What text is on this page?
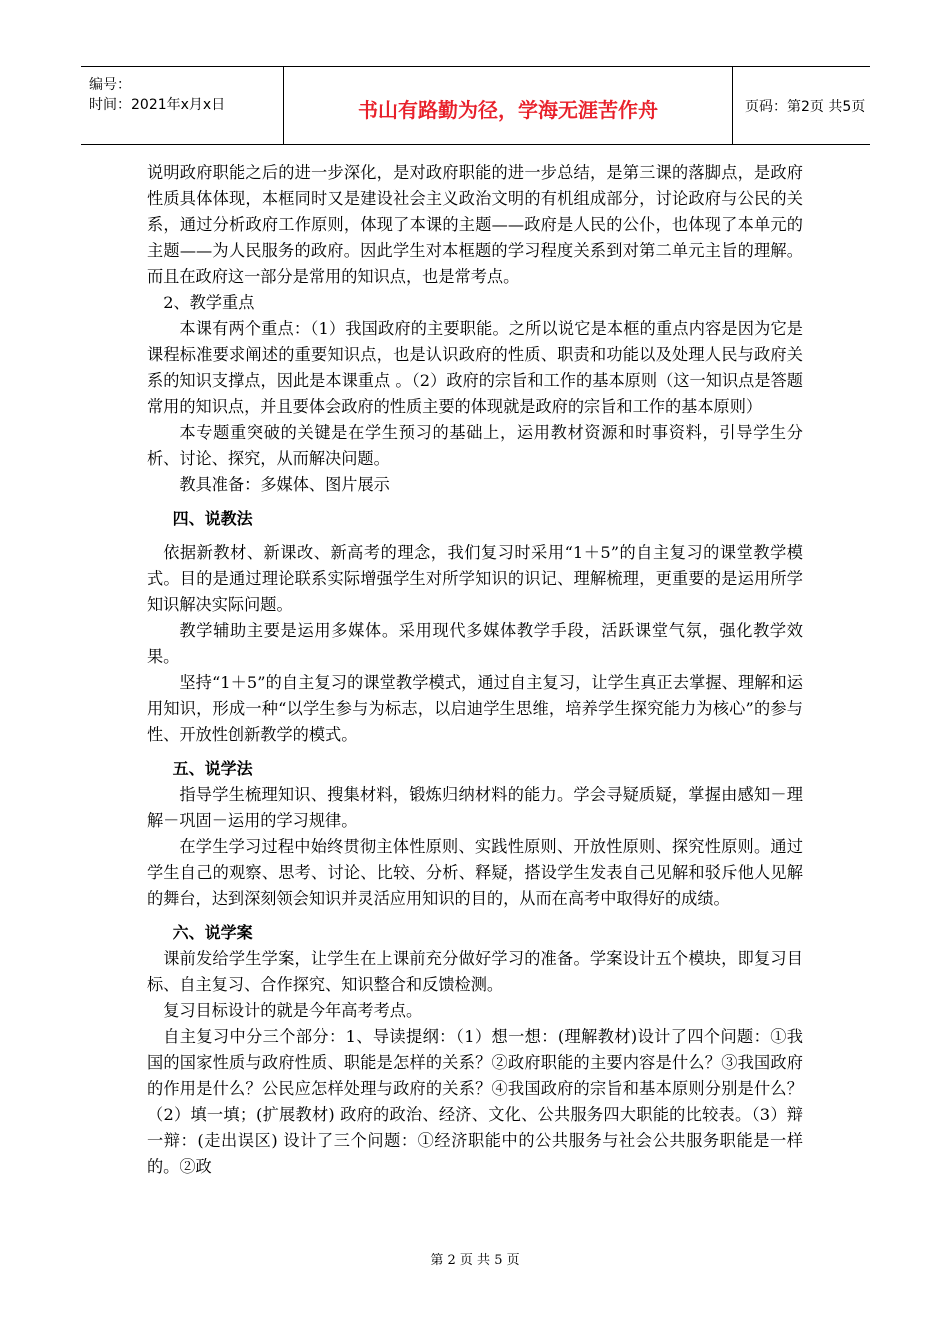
编号：
时间：2021年x月x日	书山有路勤为径，学海无涯苦作舟	页码：第2页 共5页

说明政府职能之后的进一步深化，是对政府职能的进一步总结，是第三课的落脚点，是政府性质具体体现，本框同时又是建设社会主义政治文明的有机组成部分，讨论政府与公民的关系，通过分析政府工作原则，体现了本课的主题——政府是人民的公仆，也体现了本单元的主题——为人民服务的政府。因此学生对本框题的学习程度关系到对第二单元主旨的理解。而且在政府这一部分是常用的知识点，也是常考点。

2、教学重点

本课有两个重点：（1）我国政府的主要职能。之所以说它是本框的重点内容是因为它是课程标准要求阐述的重要知识点，也是认识政府的性质、职责和功能以及处理人民与政府关系的知识支撑点，因此是本课重点 。（2）政府的宗旨和工作的基本原则（这一知识点是答题常用的知识点，并且要体会政府的性质主要的体现就是政府的宗旨和工作的基本原则）

本专题重突破的关键是在学生预习的基础上，运用教材资源和时事资料，引导学生分析、讨论、探究，从而解决问题。

教具准备：多媒体、图片展示

四、说教法

依据新教材、新课改、新高考的理念，我们复习时采用“1＋5”的自主复习的课堂教学模式。目的是通过理论联系实际增强学生对所学知识的识记、理解梳理，更重要的是运用所学知识解决实际问题。

教学辅助主要是运用多媒体。采用现代多媒体教学手段，活跃课堂气氛，强化教学效果。

坚持“1＋5”的自主复习的课堂教学模式，通过自主复习，让学生真正去掌握、理解和运用知识，形成一种“以学生参与为标志，以启迪学生思维，培养学生探究能力为核心”的参与性、开放性创新教学的模式。

五、说学法

指导学生梳理知识、搜集材料，锻炼归纳材料的能力。学会寻疑质疑，掌握由感知－理解－巩固－运用的学习规律。

在学生学习过程中始终贯彻主体性原则、实践性原则、开放性原则、探究性原则。通过学生自己的观察、思考、讨论、比较、分析、释疑，搭设学生发表自己见解和驳斥他人见解的舞台，达到深刻领会知识并灵活应用知识的目的，从而在高考中取得好的成绩。

六、说学案

课前发给学生学案，让学生在上课前充分做好学习的准备。学案设计五个模块，即复习目标、自主复习、合作探究、知识整合和反馈检测。

复习目标设计的就是今年高考考点。

自主复习中分三个部分：1、导读提纲：（1）想一想：(理解教材)设计了四个问题：①我国的国家性质与政府性质、职能是怎样的关系？②政府职能的主要内容是什么？③我国政府的作用是什么？公民应怎样处理与政府的关系？④我国政府的宗旨和基本原则分别是什么？（2）填一填；(扩展教材) 政府的政治、经济、文化、公共服务四大职能的比较表。（3）辩一辩：(走出误区) 设计了三个问题：①经济职能中的公共服务与社会公共服务职能是一样的。②政

第 2 页 共 5 页
